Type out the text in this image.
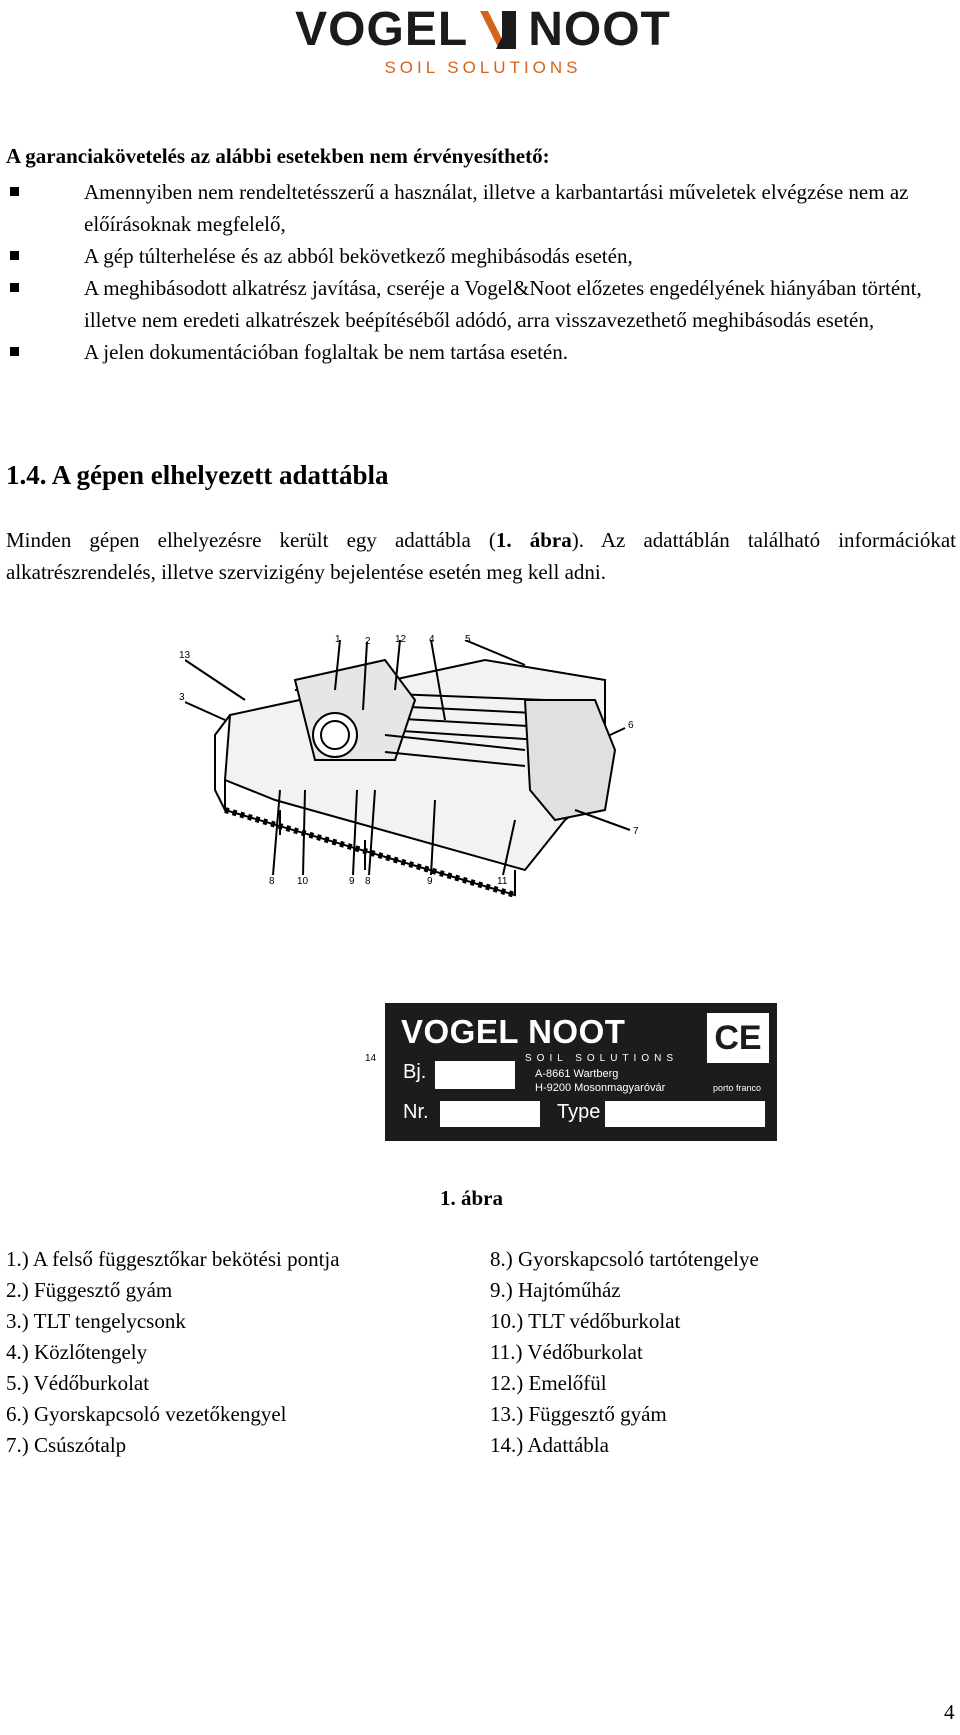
VOGEL NOOT
SOIL SOLUTIONS
A garanciakövetelés az alábbi esetekben nem érvényesíthető:
Amennyiben nem rendeltetésszerű a használat, illetve a karbantartási műveletek elvégzése nem az előírásoknak megfelelő,
A gép túlterhelése és az abból bekövetkező meghibásodás esetén,
A meghibásodott alkatrész javítása, cseréje a Vogel&Noot előzetes engedélyének hiányában történt, illetve nem eredeti alkatrészek beépítéséből adódó, arra visszavezethető meghibásodás esetén,
A jelen dokumentációban foglaltak be nem tartása esetén.
1.4. A gépen elhelyezett adattábla
Minden gépen elhelyezésre került egy adattábla (1. ábra). Az adattáblán található információkat alkatrészrendelés, illetve szervizigény bejelentése esetén meg kell adni.
1 2 12 4	5
13
3
6
7
8 10	9 8	9	11
14
VOGEL NOOT
SOIL SOLUTIONS
A-8661 Wartberg
H-9200 Mosonmagyaróvár
CE
porto franco
Bj.
Nr.	Type
1. ábra
1.) A felső függesztőkar bekötési pontja
2.) Függesztő gyám
3.) TLT tengelycsonk
4.) Közlőtengely
5.) Védőburkolat
6.) Gyorskapcsoló vezetőkengyel
7.) Csúszótalp
8.) Gyorskapcsoló tartótengelye
9.) Hajtóműház
10.) TLT védőburkolat
11.) Védőburkolat
12.) Emelőfül
13.) Függesztő gyám
14.) Adattábla
4
